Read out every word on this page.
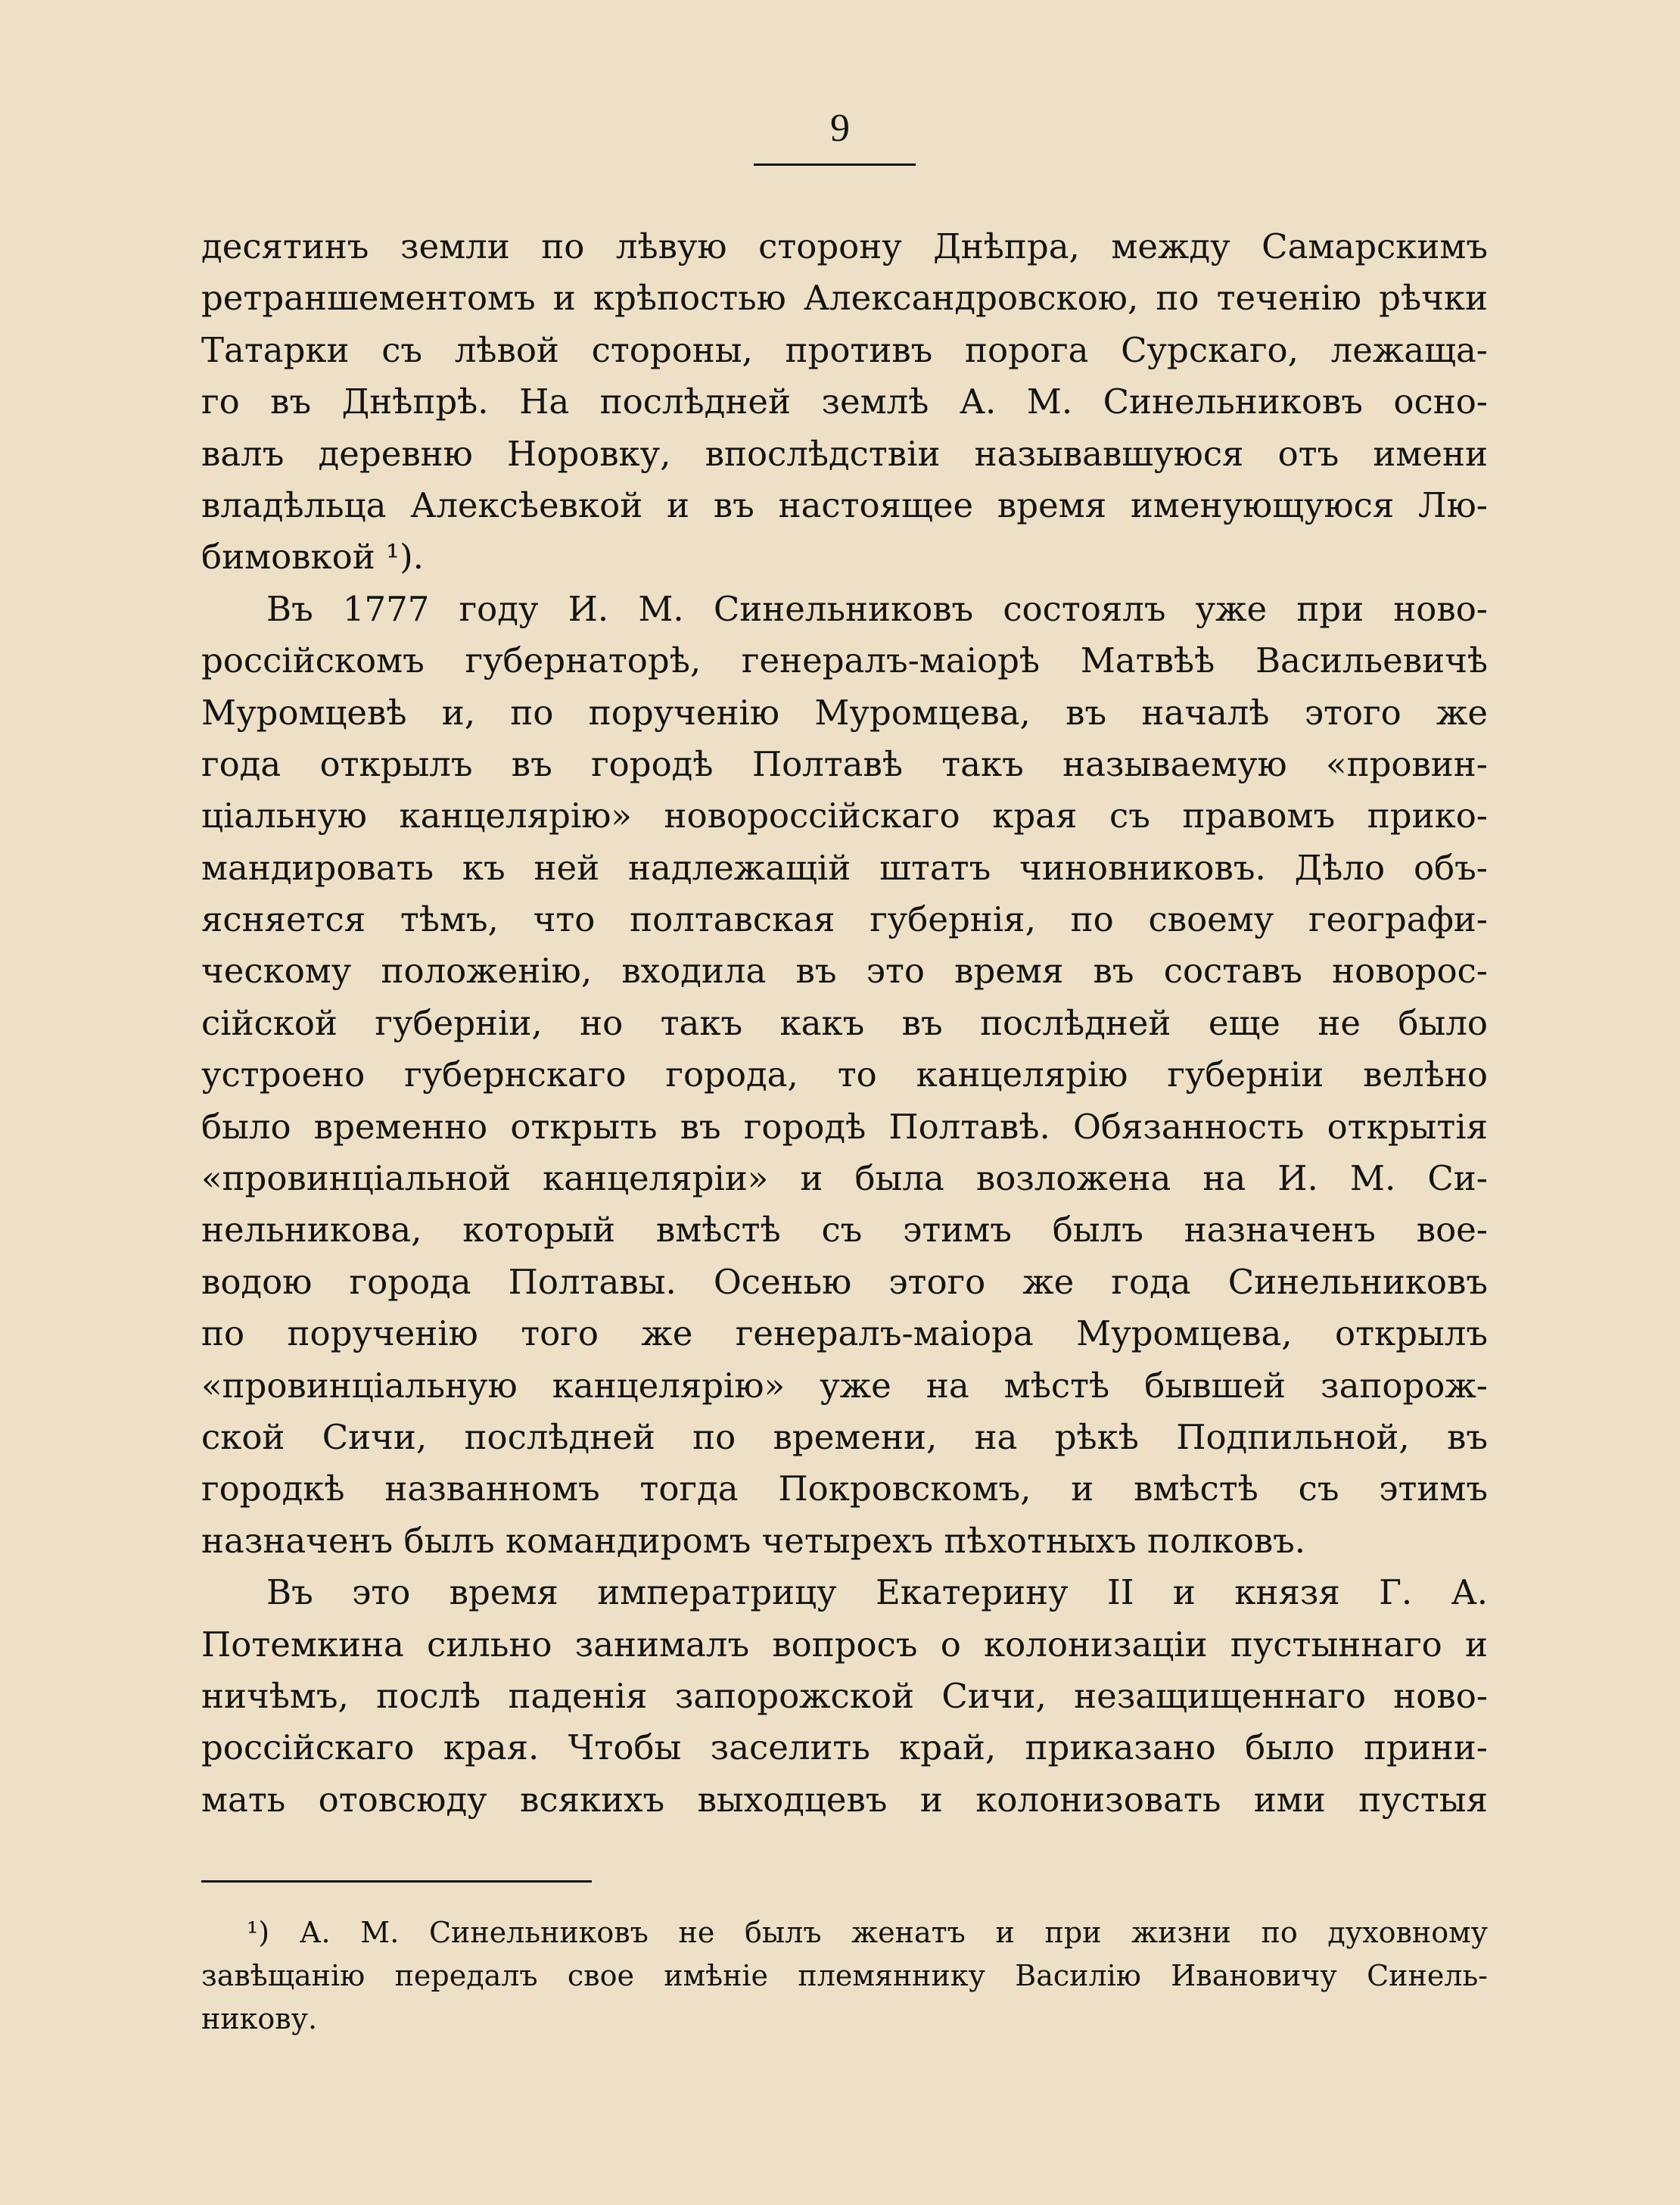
9
десятинъ земли по лѣвую сторону Днѣпра, между Самарскимъ
ретраншементомъ и крѣпостью Александровскою, по теченію рѣчки
Татарки съ лѣвой стороны, противъ порога Сурскаго, лежаща-
го въ Днѣпрѣ. На послѣдней землѣ А. М. Синельниковъ осно-
валъ деревню Норовку, впослѣдствіи называвшуюся отъ имени
владѣльца Алексѣевкой и въ настоящее время именующуюся Лю-
бимовкой ¹).
Въ 1777 году И. М. Синельниковъ состоялъ уже при ново-
россійскомъ губернаторѣ, генералъ-маiорѣ Матвѣѣ Васильевичѣ
Муромцевѣ и, по порученію Муромцева, въ началѣ этого же
года открылъ въ городѣ Полтавѣ такъ называемую «провин-
ціальную канцелярію» новороссійскаго края съ правомъ прико-
мандировать къ ней надлежащій штатъ чиновниковъ. Дѣло объ-
ясняется тѣмъ, что полтавская губернія, по своему географи-
ческому положенію, входила въ это время въ составъ новорос-
сійской губерніи, но такъ какъ въ послѣдней еще не было
устроено губернскаго города, то канцелярію губерніи велѣно
было временно открыть въ городѣ Полтавѣ. Обязанность открытія
«провинціальной канцеляріи» и была возложена на И. М. Си-
нельникова, который вмѣстѣ съ этимъ былъ назначенъ вое-
водою города Полтавы. Осенью этого же года Синельниковъ
по порученію того же генералъ-маiора Муромцева, открылъ
«провинціальную канцелярію» уже на мѣстѣ бывшей запорож-
ской Сичи, послѣдней по времени, на рѣкѣ Подпильной, въ
городкѣ названномъ тогда Покровскомъ, и вмѣстѣ съ этимъ
назначенъ былъ командиромъ четырехъ пѣхотныхъ полковъ.
Въ это время императрицу Екатерину II и князя Г. А.
Потемкина сильно занималъ вопросъ о колонизаціи пустыннаго и
ничѣмъ, послѣ паденія запорожской Сичи, незащищеннаго ново-
россійскаго края. Чтобы заселить край, приказано было прини-
мать отовсюду всякихъ выходцевъ и колонизовать ими пустыя
¹) А. М. Синельниковъ не былъ женатъ и при жизни по духовному
завѣщанію передалъ свое имѣніе племяннику Василію Ивановичу Синель-
никову.
